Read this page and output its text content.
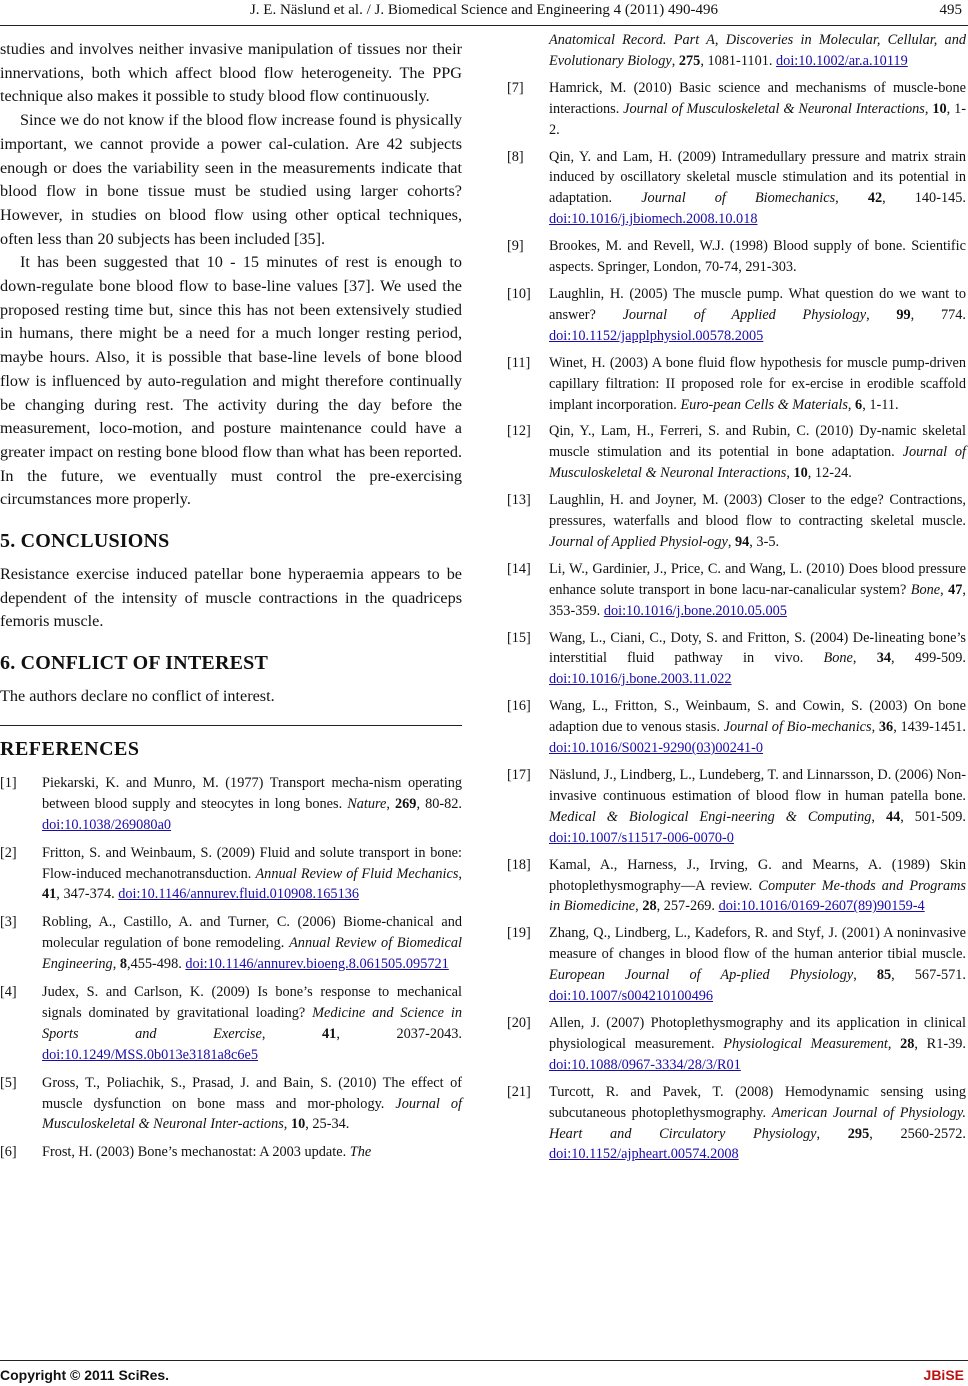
J. E. Näslund et al. / J. Biomedical Science and Engineering 4 (2011) 490-496	495

studies and involves neither invasive manipulation of tissues nor their innervations, both which affect blood flow heterogeneity. The PPG technique also makes it possible to study blood flow continuously.

Since we do not know if the blood flow increase found is physically important, we cannot provide a power cal-culation. Are 42 subjects enough or does the variability seen in the measurements indicate that blood flow in bone tissue must be studied using larger cohorts? However, in studies on blood flow using other optical techniques, often less than 20 subjects has been included [35].

It has been suggested that 10 - 15 minutes of rest is enough to down-regulate bone blood flow to base-line values [37]. We used the proposed resting time but, since this has not been extensively studied in humans, there might be a need for a much longer resting period, maybe hours. Also, it is possible that base-line levels of bone blood flow is influenced by auto-regulation and might therefore continually be changing during rest. The activity during the day before the measurement, loco-motion, and posture maintenance could have a greater impact on resting bone blood flow than what has been reported. In the future, we eventually must control the pre-exercising circumstances more properly.

5. CONCLUSIONS

Resistance exercise induced patellar bone hyperaemia appears to be dependent of the intensity of muscle contractions in the quadriceps femoris muscle.

6. CONFLICT OF INTEREST

The authors declare no conflict of interest.

REFERENCES
[1] Piekarski, K. and Munro, M. (1977) Transport mecha-nism operating between blood supply and steocytes in long bones. Nature, 269, 80-82. doi:10.1038/269080a0
[2] Fritton, S. and Weinbaum, S. (2009) Fluid and solute transport in bone: Flow-induced mechanotransduction. Annual Review of Fluid Mechanics, 41, 347-374. doi:10.1146/annurev.fluid.010908.165136
[3] Robling, A., Castillo, A. and Turner, C. (2006) Biome-chanical and molecular regulation of bone remodeling. Annual Review of Biomedical Engineering, 8,455-498. doi:10.1146/annurev.bioeng.8.061505.095721
[4] Judex, S. and Carlson, K. (2009) Is bone’s response to mechanical signals dominated by gravitational loading? Medicine and Science in Sports and Exercise, 41, 2037-2043. doi:10.1249/MSS.0b013e3181a8c6e5
[5] Gross, T., Poliachik, S., Prasad, J. and Bain, S. (2010) The effect of muscle dysfunction on bone mass and mor-phology. Journal of Musculoskeletal & Neuronal Inter-actions, 10, 25-34.
[6] Frost, H. (2003) Bone’s mechanostat: A 2003 update. The
Anatomical Record. Part A, Discoveries in Molecular, Cellular, and Evolutionary Biology, 275, 1081-1101. doi:10.1002/ar.a.10119
[7] Hamrick, M. (2010) Basic science and mechanisms of muscle-bone interactions. Journal of Musculoskeletal & Neuronal Interactions, 10, 1-2.
[8] Qin, Y. and Lam, H. (2009) Intramedullary pressure and matrix strain induced by oscillatory skeletal muscle stimulation and its potential in adaptation. Journal of Biomechanics, 42, 140-145. doi:10.1016/j.jbiomech.2008.10.018
[9] Brookes, M. and Revell, W.J. (1998) Blood supply of bone. Scientific aspects. Springer, London, 70-74, 291-303.
[10] Laughlin, H. (2005) The muscle pump. What question do we want to answer? Journal of Applied Physiology, 99, 774. doi:10.1152/japplphysiol.00578.2005
[11] Winet, H. (2003) A bone fluid flow hypothesis for muscle pump-driven capillary filtration: II proposed role for ex-ercise in erodible scaffold implant incorporation. Euro-pean Cells & Materials, 6, 1-11.
[12] Qin, Y., Lam, H., Ferreri, S. and Rubin, C. (2010) Dy-namic skeletal muscle stimulation and its potential in bone adaptation. Journal of Musculoskeletal & Neuronal Interactions, 10, 12-24.
[13] Laughlin, H. and Joyner, M. (2003) Closer to the edge? Contractions, pressures, waterfalls and blood flow to contracting skeletal muscle. Journal of Applied Physiol-ogy, 94, 3-5.
[14] Li, W., Gardinier, J., Price, C. and Wang, L. (2010) Does blood pressure enhance solute transport in bone lacu-nar-canalicular system? Bone, 47, 353-359. doi:10.1016/j.bone.2010.05.005
[15] Wang, L., Ciani, C., Doty, S. and Fritton, S. (2004) De-lineating bone’s interstitial fluid pathway in vivo. Bone, 34, 499-509. doi:10.1016/j.bone.2003.11.022
[16] Wang, L., Fritton, S., Weinbaum, S. and Cowin, S. (2003) On bone adaption due to venous stasis. Journal of Bio-mechanics, 36, 1439-1451. doi:10.1016/S0021-9290(03)00241-0
[17] Näslund, J., Lindberg, L., Lundeberg, T. and Linnarsson, D. (2006) Non-invasive continuous estimation of blood flow in human patella bone. Medical & Biological Engi-neering & Computing, 44, 501-509. doi:10.1007/s11517-006-0070-0
[18] Kamal, A., Harness, J., Irving, G. and Mearns, A. (1989) Skin photoplethysmography—A review. Computer Me-thods and Programs in Biomedicine, 28, 257-269. doi:10.1016/0169-2607(89)90159-4
[19] Zhang, Q., Lindberg, L., Kadefors, R. and Styf, J. (2001) A noninvasive measure of changes in blood flow of the human anterior tibial muscle. European Journal of Ap-plied Physiology, 85, 567-571. doi:10.1007/s004210100496
[20] Allen, J. (2007) Photoplethysmography and its application in clinical physiological measurement. Physiological Measurement, 28, R1-39. doi:10.1088/0967-3334/28/3/R01
[21] Turcott, R. and Pavek, T. (2008) Hemodynamic sensing using subcutaneous photoplethysmography. American Journal of Physiology. Heart and Circulatory Physiology, 295, 2560-2572. doi:10.1152/ajpheart.00574.2008
Copyright © 2011 SciRes.	JBiSE
